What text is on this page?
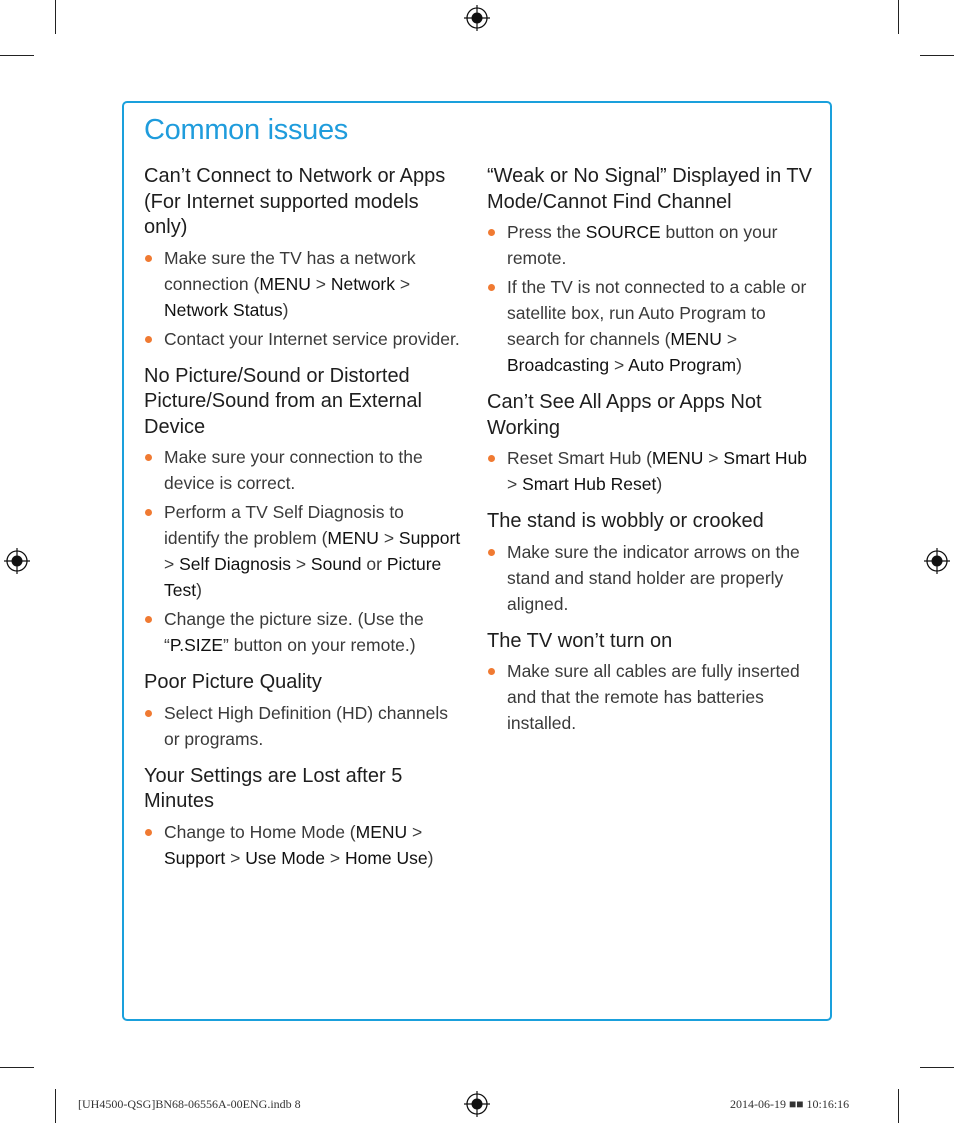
Common issues
Can’t Connect to Network or Apps (For Internet supported models only)

Make sure the TV has a network connection (MENU > Network > Network Status)

Contact your Internet service provider.

No Picture/Sound or Distorted Picture/Sound from an External Device

Make sure your connection to the device is correct.

Perform a TV Self Diagnosis to identify the problem (MENU > Support > Self Diagnosis > Sound or Picture Test)

Change the picture size. (Use the “P.SIZE” button on your remote.)

Poor Picture Quality

Select High Definition (HD) channels or programs.

Your Settings are Lost after 5 Minutes

Change to Home Mode (MENU > Support > Use Mode > Home Use)

“Weak or No Signal” Displayed in TV Mode/Cannot Find Channel

Press the SOURCE button on your remote.

If the TV is not connected to a cable or satellite box, run Auto Program to search for channels (MENU > Broadcasting > Auto Program)

Can’t See All Apps or Apps Not Working

Reset Smart Hub (MENU > Smart Hub > Smart Hub Reset)

The stand is wobbly or crooked

Make sure the indicator arrows on the stand and stand holder are properly aligned.

The TV won’t turn on

Make sure all cables are fully inserted and that the remote has batteries installed.

[UH4500-QSG]BN68-06556A-00ENG.indb 8	2014-06-19 ■■ 10:16:16
